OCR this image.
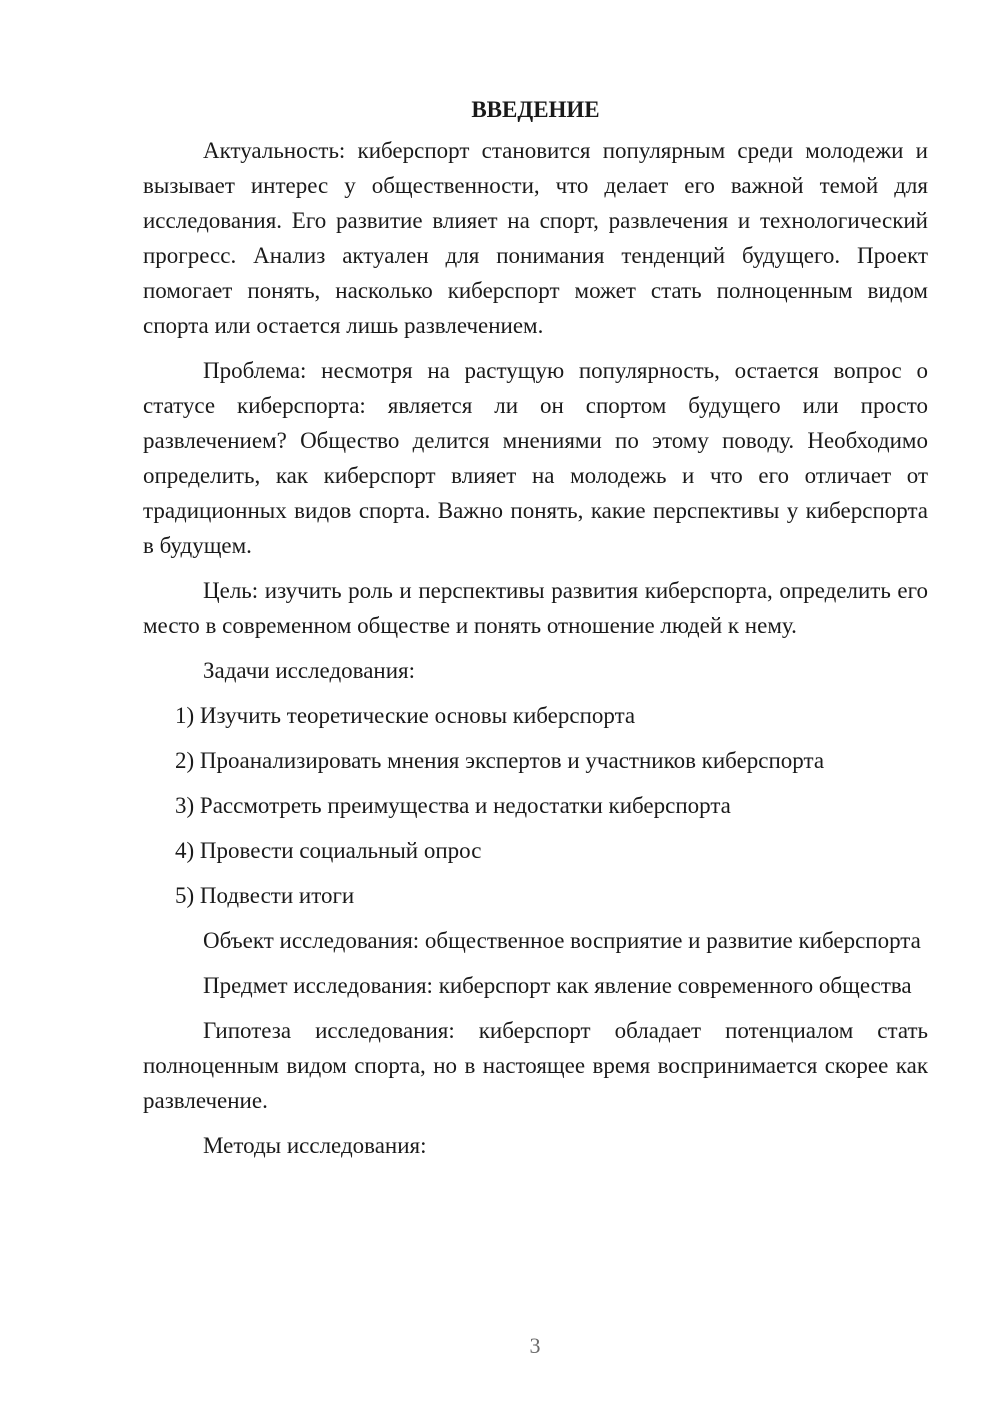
ВВЕДЕНИЕ

Актуальность: киберспорт становится популярным среди молодежи и вызывает интерес у общественности, что делает его важной темой для исследования. Его развитие влияет на спорт, развлечения и технологический прогресс. Анализ актуален для понимания тенденций будущего. Проект помогает понять, насколько киберспорт может стать полноценным видом спорта или остается лишь развлечением.

Проблема: несмотря на растущую популярность, остается вопрос о статусе киберспорта: является ли он спортом будущего или просто развлечением? Общество делится мнениями по этому поводу. Необходимо определить, как киберспорт влияет на молодежь и что его отличает от традиционных видов спорта. Важно понять, какие перспективы у киберспорта в будущем.

Цель: изучить роль и перспективы развития киберспорта, определить его место в современном обществе и понять отношение людей к нему.

Задачи исследования:

1) Изучить теоретические основы киберспорта
2) Проанализировать мнения экспертов и участников киберспорта
3) Рассмотреть преимущества и недостатки киберспорта
4) Провести социальный опрос
5) Подвести итоги

Объект исследования: общественное восприятие и развитие киберспорта

Предмет исследования: киберспорт как явление современного общества

Гипотеза исследования: киберспорт обладает потенциалом стать полноценным видом спорта, но в настоящее время воспринимается скорее как развлечение.

Методы исследования:

3
